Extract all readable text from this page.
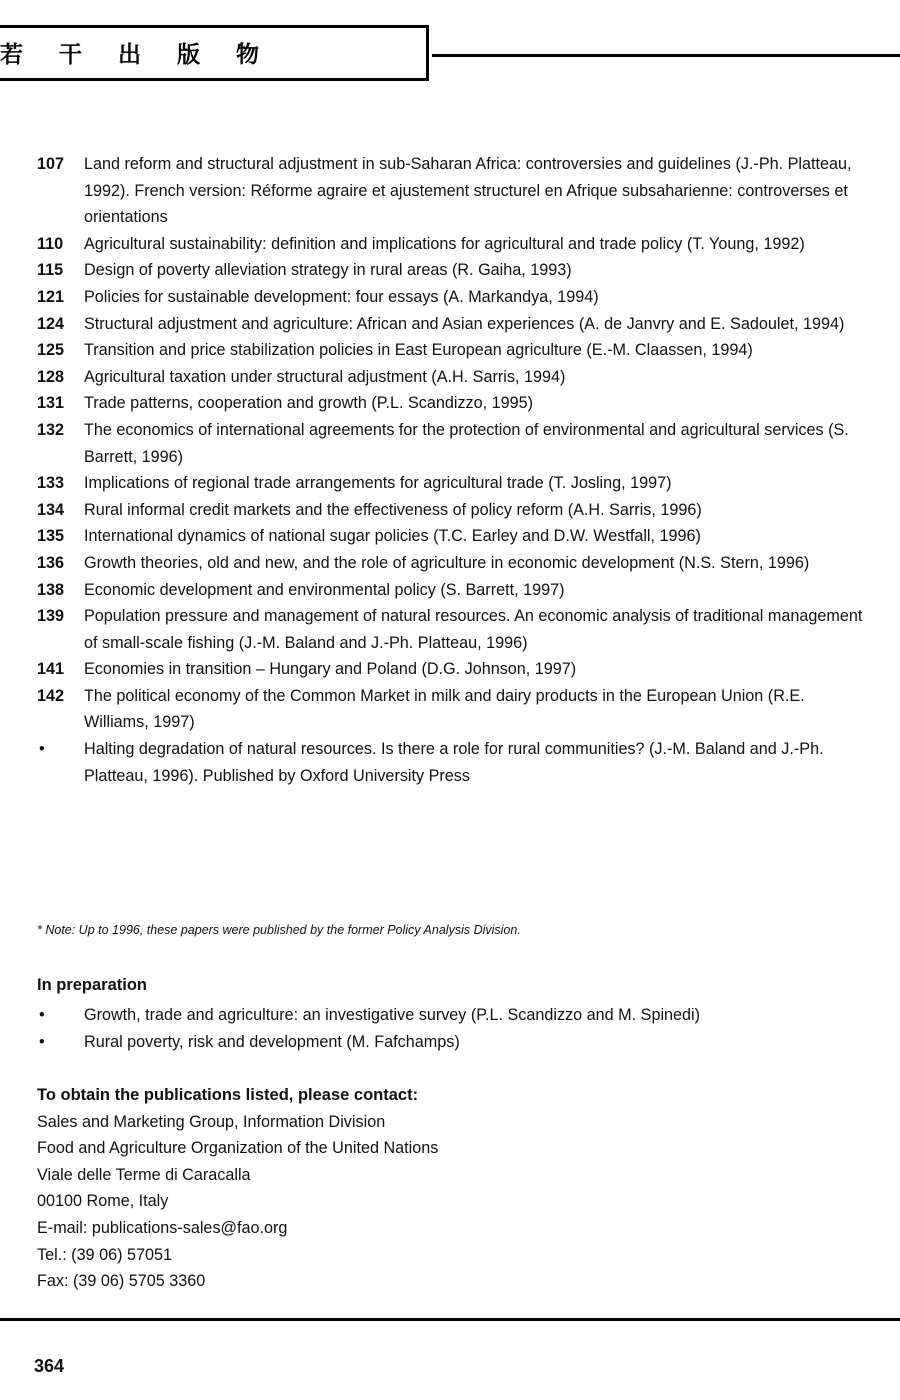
若 干 出 版 物
107	Land reform and structural adjustment in sub-Saharan Africa: controversies and guidelines (J.-Ph. Platteau, 1992). French version: Réforme agraire et ajustement structurel en Afrique subsaharienne: controverses et orientations
110	Agricultural sustainability: definition and implications for agricultural and trade policy (T. Young, 1992)
115	Design of poverty alleviation strategy in rural areas (R. Gaiha, 1993)
121	Policies for sustainable development: four essays (A. Markandya, 1994)
124	Structural adjustment and agriculture: African and Asian experiences (A. de Janvry and E. Sadoulet, 1994)
125	Transition and price stabilization policies in East European agriculture (E.-M. Claassen, 1994)
128	Agricultural taxation under structural adjustment (A.H. Sarris, 1994)
131	Trade patterns, cooperation and growth (P.L. Scandizzo, 1995)
132	The economics of international agreements for the protection of environmental and agricultural services (S. Barrett, 1996)
133	Implications of regional trade arrangements for agricultural trade (T. Josling, 1997)
134	Rural informal credit markets and the effectiveness of policy reform (A.H. Sarris, 1996)
135	International dynamics of national sugar policies (T.C. Earley and D.W. Westfall, 1996)
136	Growth theories, old and new, and the role of agriculture in economic development (N.S. Stern, 1996)
138	Economic development and environmental policy (S. Barrett, 1997)
139	Population pressure and management of natural resources. An economic analysis of traditional management of small-scale fishing (J.-M. Baland and J.-Ph. Platteau, 1996)
141	Economies in transition – Hungary and Poland (D.G. Johnson, 1997)
142	The political economy of the Common Market in milk and dairy products in the European Union (R.E. Williams, 1997)
•	Halting degradation of natural resources. Is there a role for rural communities? (J.-M. Baland and J.-Ph. Platteau, 1996). Published by Oxford University Press
* Note: Up to 1996, these papers were published by the former Policy Analysis Division.
In preparation
•	Growth, trade and agriculture: an investigative survey (P.L. Scandizzo and M. Spinedi)
•	Rural poverty, risk and development (M. Fafchamps)
To obtain the publications listed, please contact:
Sales and Marketing Group, Information Division
Food and Agriculture Organization of the United Nations
Viale delle Terme di Caracalla
00100 Rome, Italy
E-mail: publications-sales@fao.org
Tel.: (39 06) 57051
Fax: (39 06) 5705 3360
364
